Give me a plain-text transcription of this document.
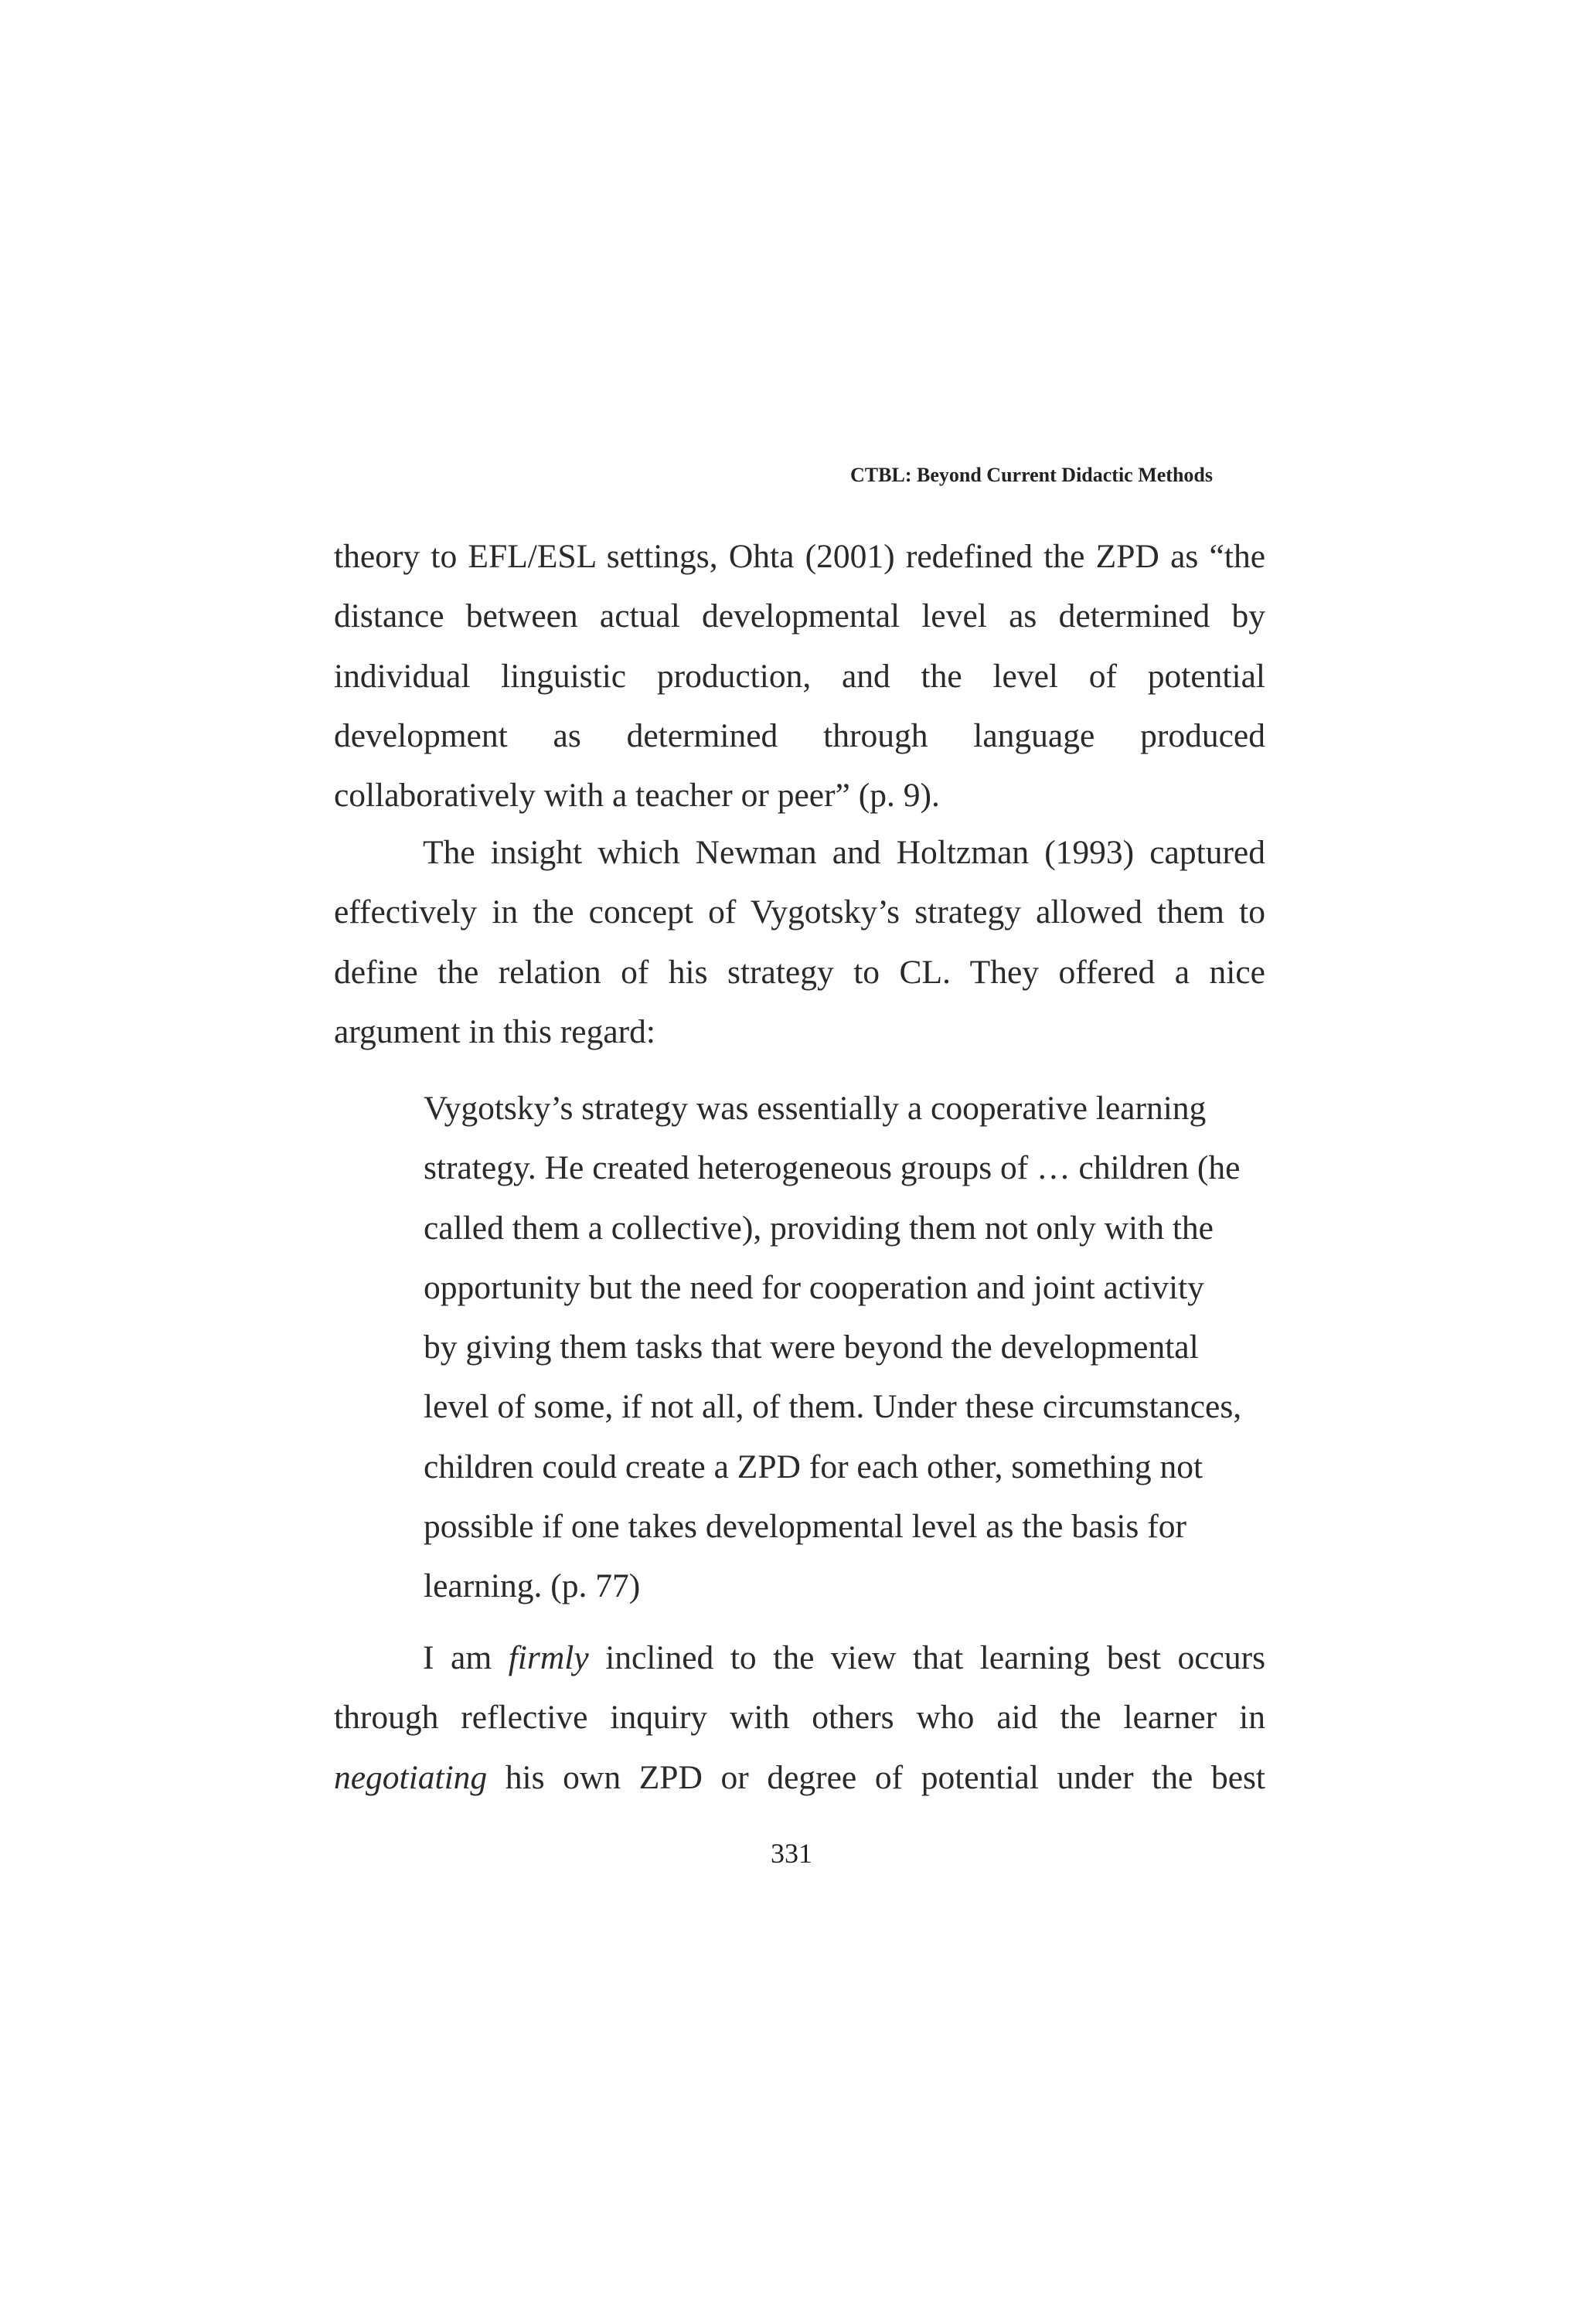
CTBL: Beyond Current Didactic Methods

theory to EFL/ESL settings, Ohta (2001) redefined the ZPD as “the distance between actual developmental level as determined by individual linguistic production, and the level of potential development as determined through language produced collaboratively with a teacher or peer” (p. 9).

The insight which Newman and Holtzman (1993) captured effectively in the concept of Vygotsky’s strategy allowed them to define the relation of his strategy to CL. They offered a nice argument in this regard:

Vygotsky’s strategy was essentially a cooperative learning
strategy. He created heterogeneous groups of … children (he
called them a collective), providing them not only with the
opportunity but the need for cooperation and joint activity
by giving them tasks that were beyond the developmental
level of some, if not all, of them. Under these circumstances,
children could create a ZPD for each other, something not
possible if one takes developmental level as the basis for
learning. (p. 77)
I am firmly inclined to the view that learning best occurs
through reflective inquiry with others who aid the learner in
negotiating his own ZPD or degree of potential under the best
331
